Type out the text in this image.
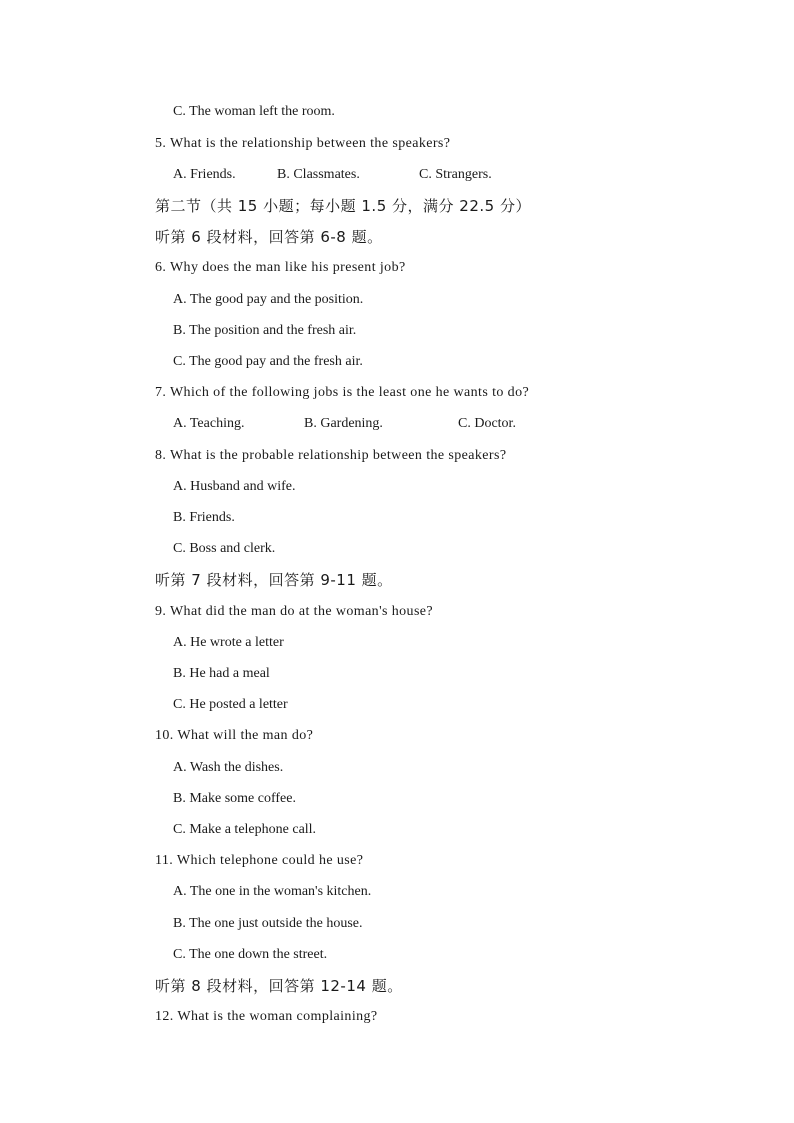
C. The woman left the room.
5. What is the relationship between the speakers?

A. Friends.

	B. Classmates.

	C. Strangers.

第二节（共 15 小题；每小题 1.5 分，满分 22.5 分）
听第 6 段材料，回答第 6-8 题。
6. Why does the man like his present job?
A. The good pay and the position.
B. The position and the fresh air.
C. The good pay and the fresh air.
7. Which of the following jobs is the least one he wants to do?

A. Teaching.

	B. Gardening.

	C. Doctor.

8. What is the probable relationship between the speakers?
A. Husband and wife.
B. Friends.
C. Boss and clerk.
听第 7 段材料，回答第 9-11 题。
9. What did the man do at the woman's house?
A. He wrote a letter
B. He had a meal
C. He posted a letter
10. What will the man do?
A. Wash the dishes.
B. Make some coffee.
C. Make a telephone call.
11. Which telephone could he use?
A. The one in the woman's kitchen.
B. The one just outside the house.
C. The one down the street.
听第 8 段材料，回答第 12-14 题。
12. What is the woman complaining?
